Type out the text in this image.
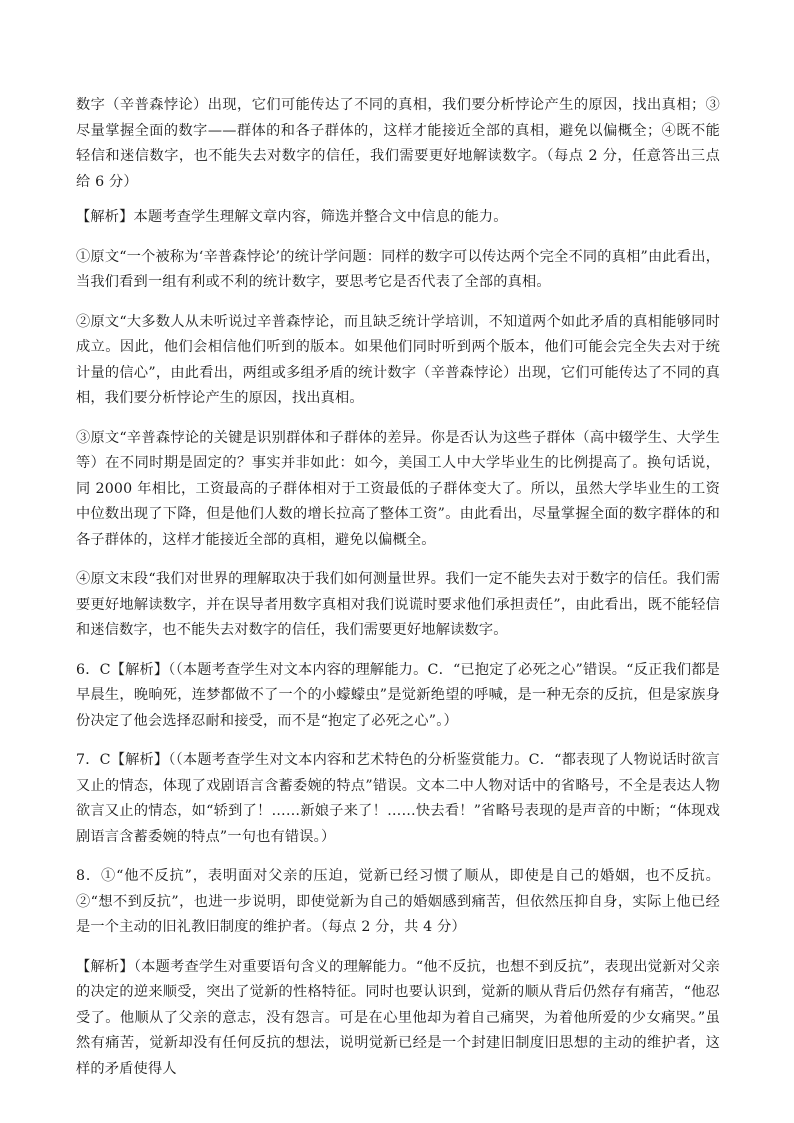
数字（辛普森悖论）出现，它们可能传达了不同的真相，我们要分析悖论产生的原因，找出真相；③尽量掌握全面的数字——群体的和各子群体的，这样才能接近全部的真相，避免以偏概全；④既不能轻信和迷信数字，也不能失去对数字的信任，我们需要更好地解读数字。（每点 2 分，任意答出三点给 6 分）

【解析】本题考查学生理解文章内容，筛选并整合文中信息的能力。

①原文“一个被称为‘辛普森悖论’的统计学问题：同样的数字可以传达两个完全不同的真相”由此看出，当我们看到一组有利或不利的统计数字，要思考它是否代表了全部的真相。

②原文“大多数人从未听说过辛普森悖论，而且缺乏统计学培训，不知道两个如此矛盾的真相能够同时成立。因此，他们会相信他们听到的版本。如果他们同时听到两个版本，他们可能会完全失去对于统计量的信心”，由此看出，两组或多组矛盾的统计数字（辛普森悖论）出现，它们可能传达了不同的真相，我们要分析悖论产生的原因，找出真相。

③原文“辛普森悖论的关键是识别群体和子群体的差异。你是否认为这些子群体（高中辍学生、大学生等）在不同时期是固定的？事实并非如此：如今，美国工人中大学毕业生的比例提高了。换句话说，同 2000 年相比，工资最高的子群体相对于工资最低的子群体变大了。所以，虽然大学毕业生的工资中位数出现了下降，但是他们人数的增长拉高了整体工资”。由此看出，尽量掌握全面的数字群体的和各子群体的，这样才能接近全部的真相，避免以偏概全。

④原文末段“我们对世界的理解取决于我们如何测量世界。我们一定不能失去对于数字的信任。我们需要更好地解读数字，并在误导者用数字真相对我们说谎时要求他们承担责任”，由此看出，既不能轻信和迷信数字，也不能失去对数字的信任，我们需要更好地解读数字。

6．C【解析】（（本题考查学生对文本内容的理解能力。C．“已抱定了必死之心”错误。“反正我们都是早晨生，晚晌死，连梦都做不了一个的小蠓蠓虫”是觉新绝望的呼喊，是一种无奈的反抗，但是家族身份决定了他会选择忍耐和接受，而不是“抱定了必死之心”。）

7．C【解析】（（本题考查学生对文本内容和艺术特色的分析鉴赏能力。C．“都表现了人物说话时欲言又止的情态，体现了戏剧语言含蓄委婉的特点”错误。文本二中人物对话中的省略号，不全是表达人物欲言又止的情态，如“轿到了！……新娘子来了！……快去看！”省略号表现的是声音的中断；“体现戏剧语言含蓄委婉的特点”一句也有错误。）

8．①“他不反抗”，表明面对父亲的压迫，觉新已经习惯了顺从，即使是自己的婚姻，也不反抗。②“想不到反抗”，也进一步说明，即使觉新为自己的婚姻感到痛苦，但依然压抑自身，实际上他已经是一个主动的旧礼教旧制度的维护者。（每点 2 分，共 4 分）

【解析】（本题考查学生对重要语句含义的理解能力。“他不反抗，也想不到反抗”，表现出觉新对父亲的决定的逆来顺受，突出了觉新的性格特征。同时也要认识到，觉新的顺从背后仍然存有痛苦，“他忍受了。他顺从了父亲的意志，没有怨言。可是在心里他却为着自己痛哭，为着他所爱的少女痛哭。”虽然有痛苦，觉新却没有任何反抗的想法，说明觉新已经是一个封建旧制度旧思想的主动的维护者，这样的矛盾使得人
